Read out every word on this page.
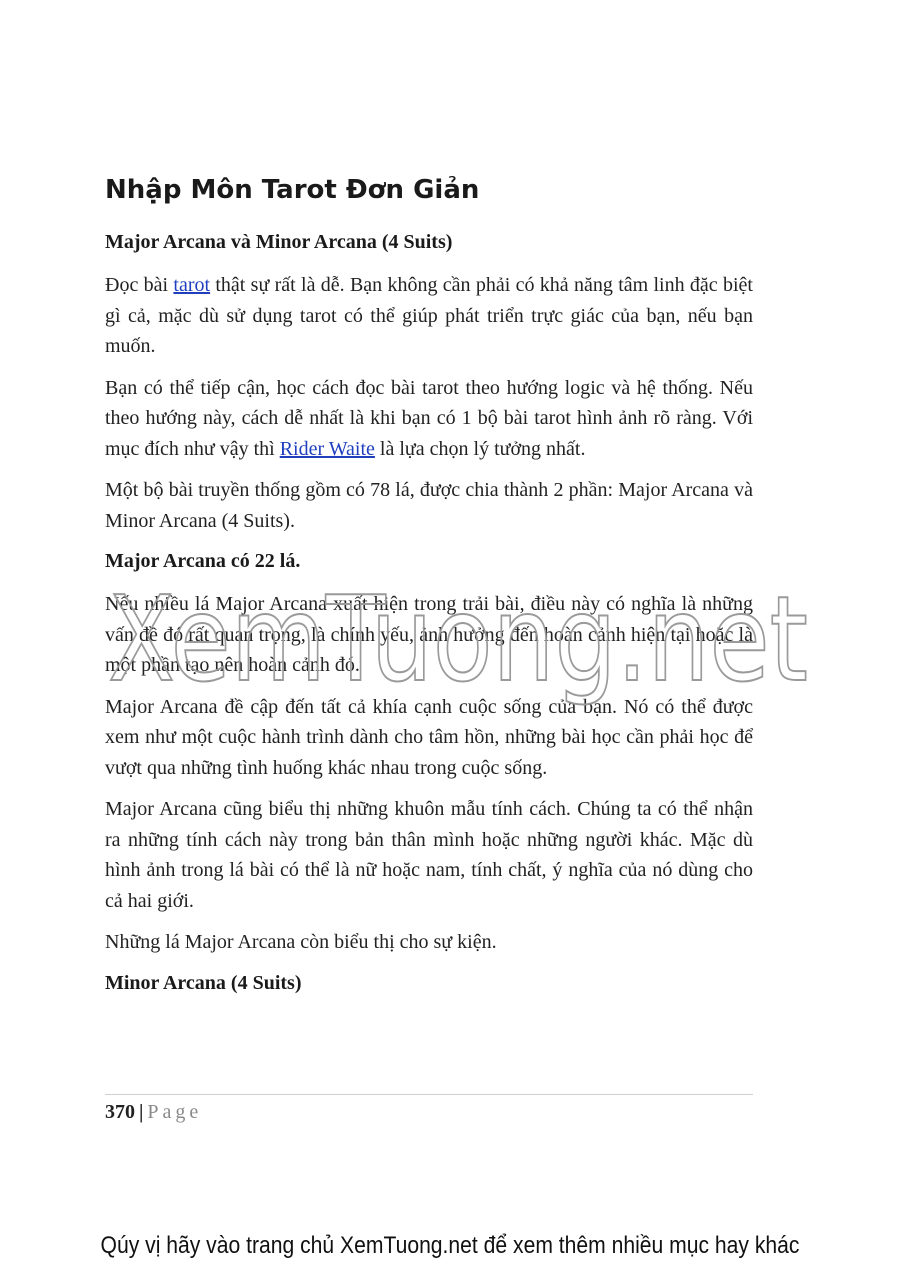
Nhập Môn Tarot Đơn Giản
Major Arcana và Minor Arcana (4 Suits)

Đọc bài tarot thật sự rất là dễ. Bạn không cần phải có khả năng tâm linh đặc biệt gì cả, mặc dù sử dụng tarot có thể giúp phát triển trực giác của bạn, nếu bạn muốn.

Bạn có thể tiếp cận, học cách đọc bài tarot theo hướng logic và hệ thống. Nếu theo hướng này, cách dễ nhất là khi bạn có 1 bộ bài tarot hình ảnh rõ ràng. Với mục đích như vậy thì Rider Waite là lựa chọn lý tưởng nhất.

Một bộ bài truyền thống gồm có 78 lá, được chia thành 2 phần: Major Arcana và Minor Arcana (4 Suits).

Major Arcana có 22 lá.

Nếu nhiều lá Major Arcana xuất hiện trong trải bài, điều này có nghĩa là những vấn đề đó rất quan trọng, là chính yếu, ảnh hưởng đến hoàn cảnh hiện tại hoặc là một phần tạo nên hoàn cảnh đó.

Major Arcana đề cập đến tất cả khía cạnh cuộc sống của bạn. Nó có thể được xem như một cuộc hành trình dành cho tâm hồn, những bài học cần phải học để vượt qua những tình huống khác nhau trong cuộc sống.

Major Arcana cũng biểu thị những khuôn mẫu tính cách. Chúng ta có thể nhận ra những tính cách này trong bản thân mình hoặc những người khác. Mặc dù hình ảnh trong lá bài có thể là nữ hoặc nam, tính chất, ý nghĩa của nó dùng cho cả hai giới.

Những lá Major Arcana còn biểu thị cho sự kiện.

Minor Arcana (4 Suits)
XemTuong.net
370 | Page
Qúy vị hãy vào trang chủ XemTuong.net để xem thêm nhiều mục hay khác
